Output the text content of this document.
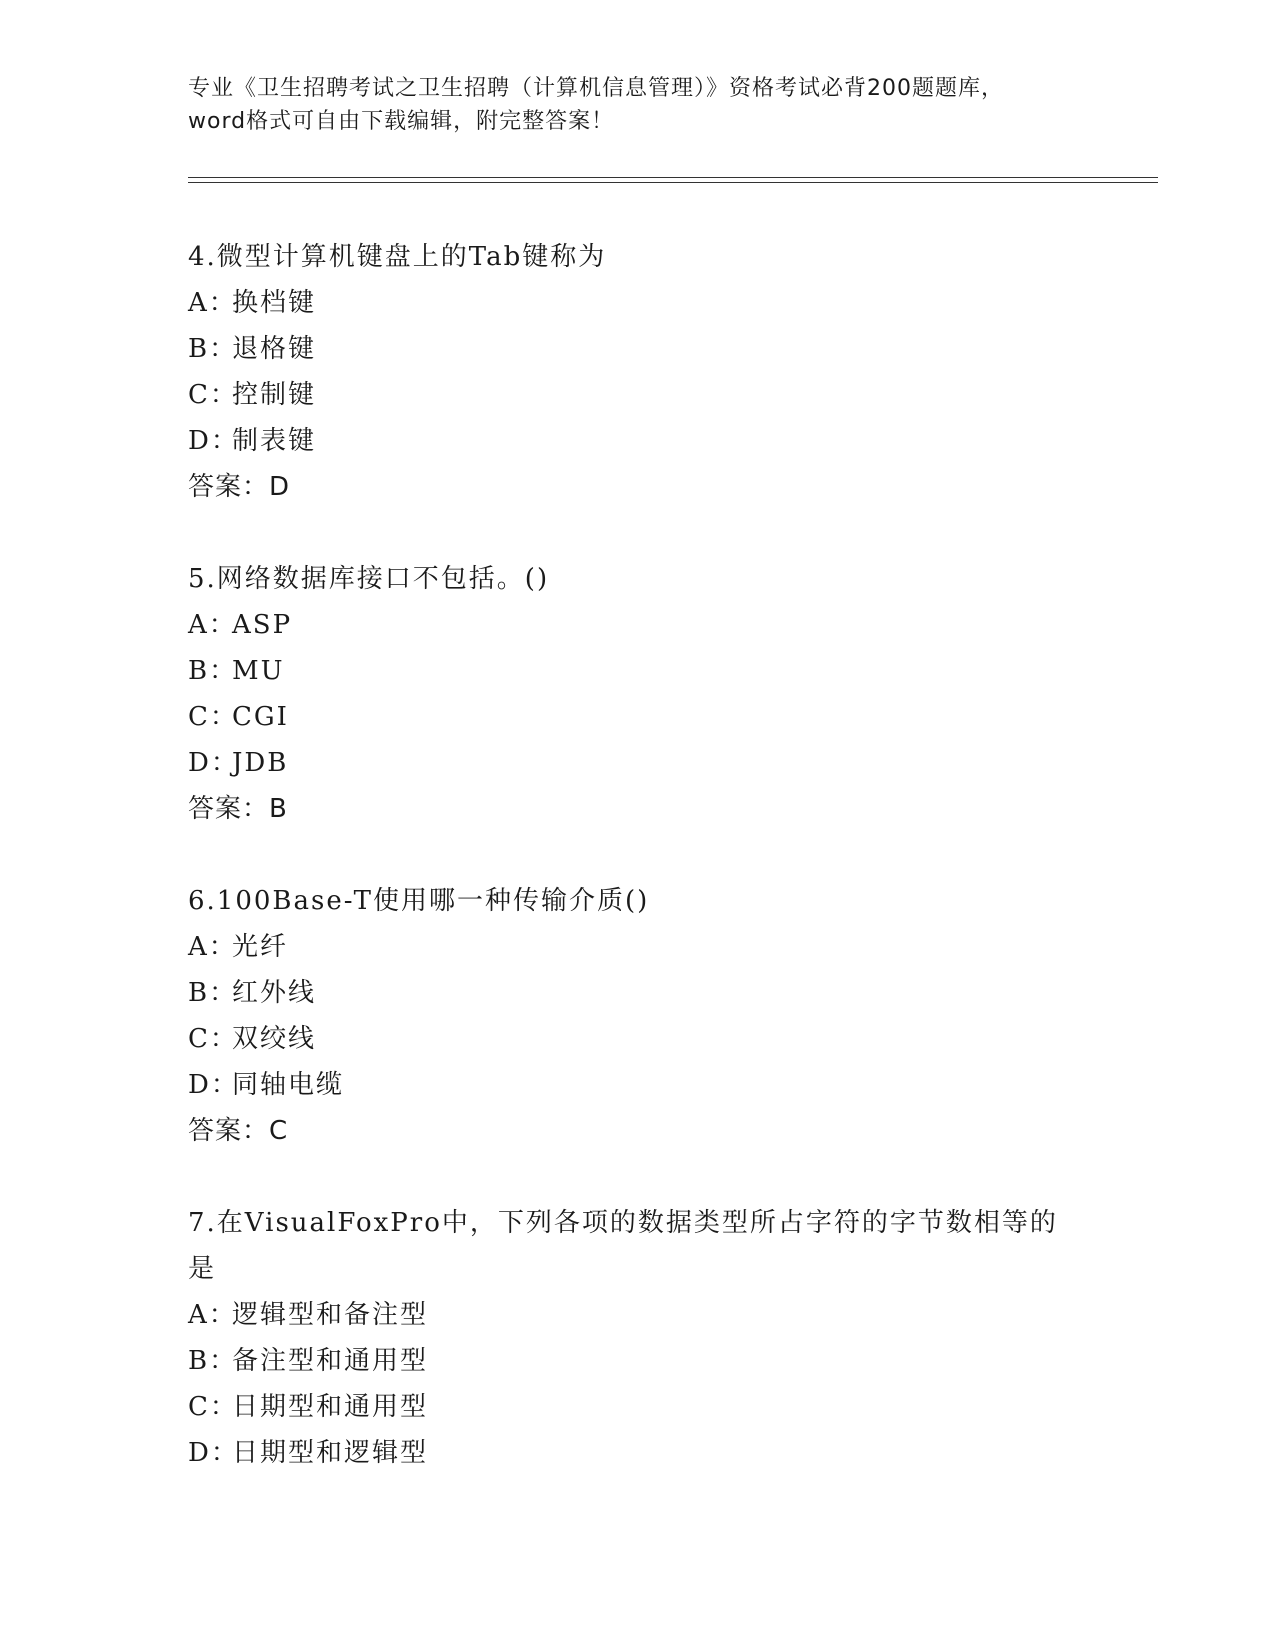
专业《卫生招聘考试之卫生招聘（计算机信息管理）》资格考试必背200题题库，
word格式可自由下载编辑，附完整答案！
4.微型计算机键盘上的Tab键称为
A：换档键
B：退格键
C：控制键
D：制表键
答案：D
5.网络数据库接口不包括。()
A：ASP
B：MU
C：CGI
D：JDB
答案：B
6.100Base-T使用哪一种传输介质()
A：光纤
B：红外线
C：双绞线
D：同轴电缆
答案：C
7.在VisualFoxPro中，下列各项的数据类型所占字符的字节数相等的
是
A：逻辑型和备注型
B：备注型和通用型
C：日期型和通用型
D：日期型和逻辑型
